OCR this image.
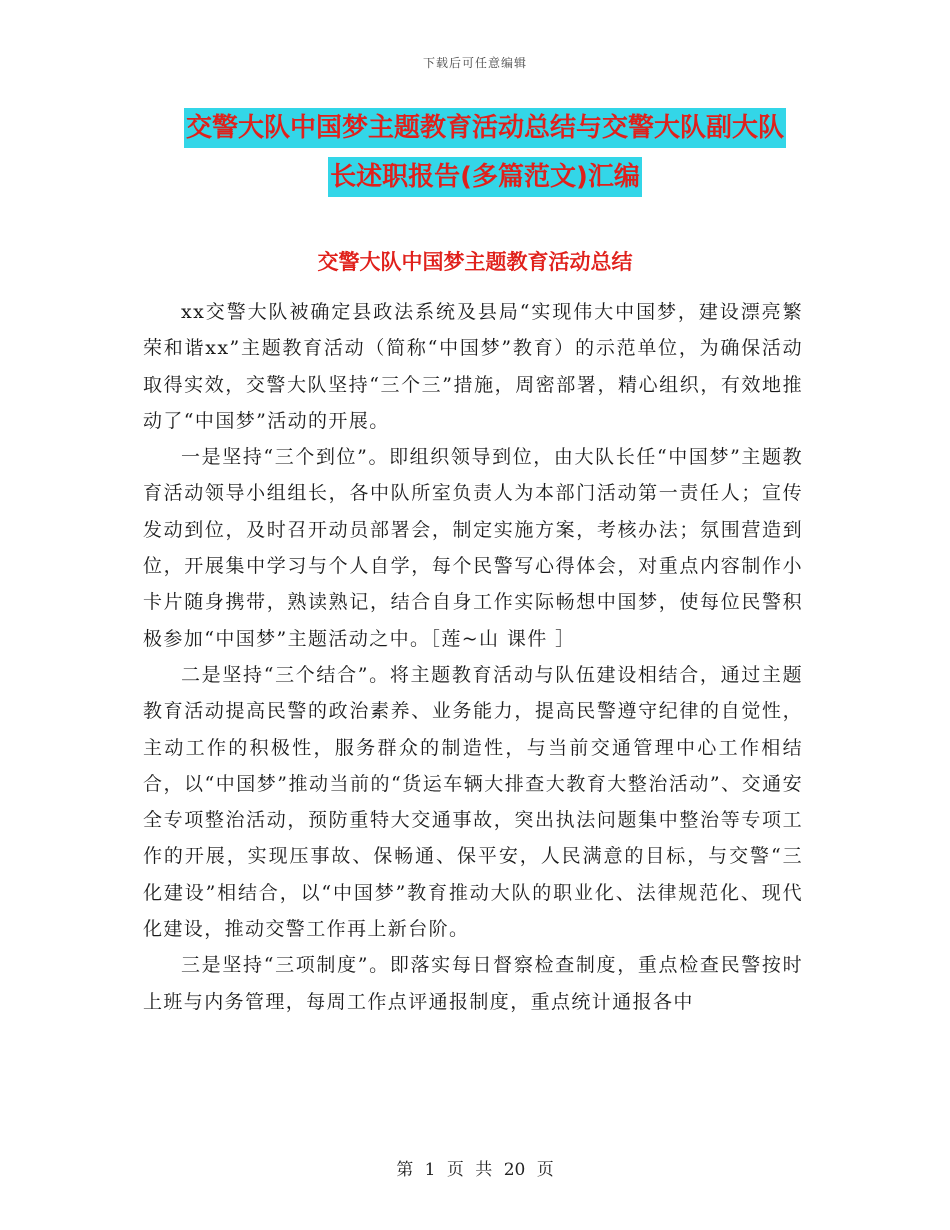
下载后可任意编辑
交警大队中国梦主题教育活动总结与交警大队副大队
长述职报告(多篇范文)汇编
交警大队中国梦主题教育活动总结

xx交警大队被确定县政法系统及县局“实现伟大中国梦，建设漂亮繁荣和谐xx”主题教育活动（简称“中国梦”教育）的示范单位，为确保活动取得实效，交警大队坚持“三个三”措施，周密部署，精心组织，有效地推动了“中国梦”活动的开展。

一是坚持“三个到位”。即组织领导到位，由大队长任“中国梦”主题教育活动领导小组组长，各中队所室负责人为本部门活动第一责任人；宣传发动到位，及时召开动员部署会，制定实施方案，考核办法；氛围营造到位，开展集中学习与个人自学，每个民警写心得体会，对重点内容制作小卡片随身携带，熟读熟记，结合自身工作实际畅想中国梦，使每位民警积极参加“中国梦”主题活动之中。［莲~山 课件 ］

二是坚持“三个结合”。将主题教育活动与队伍建设相结合，通过主题教育活动提高民警的政治素养、业务能力，提高民警遵守纪律的自觉性，主动工作的积极性，服务群众的制造性，与当前交通管理中心工作相结合，以“中国梦”推动当前的“货运车辆大排查大教育大整治活动”、交通安全专项整治活动，预防重特大交通事故，突出执法问题集中整治等专项工作的开展，实现压事故、保畅通、保平安，人民满意的目标，与交警“三化建设”相结合，以“中国梦”教育推动大队的职业化、法律规范化、现代化建设，推动交警工作再上新台阶。

三是坚持“三项制度”。即落实每日督察检查制度，重点检查民警按时上班与内务管理，每周工作点评通报制度，重点统计通报各中

第 1 页 共 20 页
